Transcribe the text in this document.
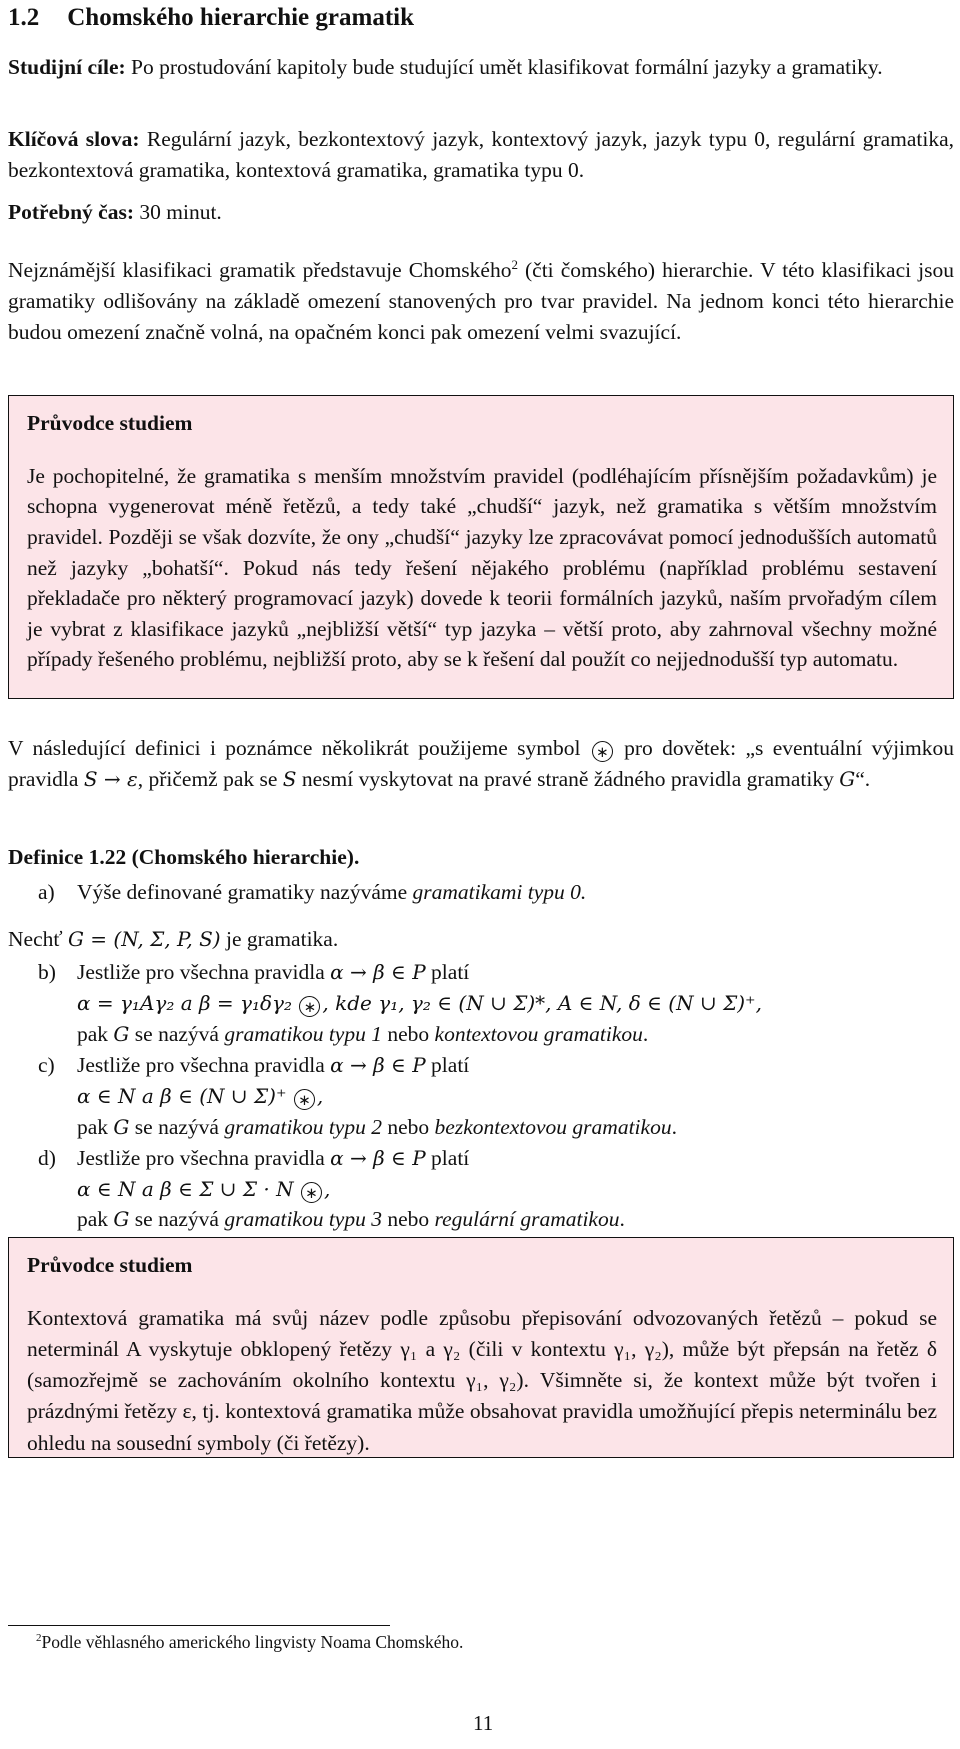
1.2 Chomského hierarchie gramatik

Studijní cíle: Po prostudování kapitoly bude studující umět klasifikovat formální jazyky a gramatiky.

Klíčová slova: Regulární jazyk, bezkontextový jazyk, kontextový jazyk, jazyk typu 0, regulární gramatika, bezkontextová gramatika, kontextová gramatika, gramatika typu 0.

Potřebný čas: 30 minut.

Nejznámější klasifikaci gramatik představuje Chomského$^2$ (čti čomského) hierarchie. V této klasifikaci jsou gramatiky odlišovány na základě omezení stanovených pro tvar pravidel. Na jednom konci této hierarchie budou omezení značně volná, na opačném konci pak omezení velmi svazující.

Průvodce studiem

Je pochopitelné, že gramatika s menším množstvím pravidel (podléhajícím přísnějším požadavkům) je schopna vygenerovat méně řetězů, a tedy také „chudší“ jazyk, než gramatika s větším množstvím pravidel. Později se však dozvíte, že ony „chudší“ jazyky lze zpracovávat pomocí jednodušších automatů než jazyky „bohatší“. Pokud nás tedy řešení nějakého problému (například problému sestavení překladače pro některý programovací jazyk) dovede k teorii formálních jazyků, naším prvořadým cílem je vybrat z klasifikace jazyků „nejbližší větší“ typ jazyka – větší proto, aby zahrnoval všechny možné případy řešeného problému, nejbližší proto, aby se k řešení dal použít co nejjednodušší typ automatu.

V následující definici i poznámce několikrát použijeme symbol ∗ pro dovětek: „s eventuální výjimkou pravidla S → ε, přičemž pak se S nesmí vyskytovat na pravé straně žádného pravidla gramatiky G“.

Definice 1.22 (Chomského hierarchie).

a) Výše definované gramatiky nazýváme gramatikami typu 0.

Nechť G = (N, Σ, P, S) je gramatika.

b) Jestliže pro všechna pravidla α → β ∈ P platí
α = γ₁Aγ₂ a β = γ₁δγ₂ ∗ , kde γ₁, γ₂ ∈ (N ∪ Σ)*, A ∈ N, δ ∈ (N ∪ Σ)⁺,
pak G se nazývá gramatikou typu 1 nebo kontextovou gramatikou.
c) Jestliže pro všechna pravidla α → β ∈ P platí
α ∈ N a β ∈ (N ∪ Σ)⁺ ∗ ,
pak G se nazývá gramatikou typu 2 nebo bezkontextovou gramatikou.
d) Jestliže pro všechna pravidla α → β ∈ P platí
α ∈ N a β ∈ Σ ∪ Σ · N ∗ ,
pak G se nazývá gramatikou typu 3 nebo regulární gramatikou.

Průvodce studiem

Kontextová gramatika má svůj název podle způsobu přepisování odvozovaných řetězů – pokud se neterminál A vyskytuje obklopený řetězy γ₁ a γ₂ (čili v kontextu γ₁, γ₂), může být přepsán na řetěz δ (samozřejmě se zachováním okolního kontextu γ₁, γ₂). Všimněte si, že kontext může být tvořen i prázdnými řetězy ε, tj. kontextová gramatika může obsahovat pravidla umožňující přepis neterminálu bez ohledu na sousední symboly (či řetězy).

$^2$Podle věhlasného amerického lingvisty Noama Chomského.
11
